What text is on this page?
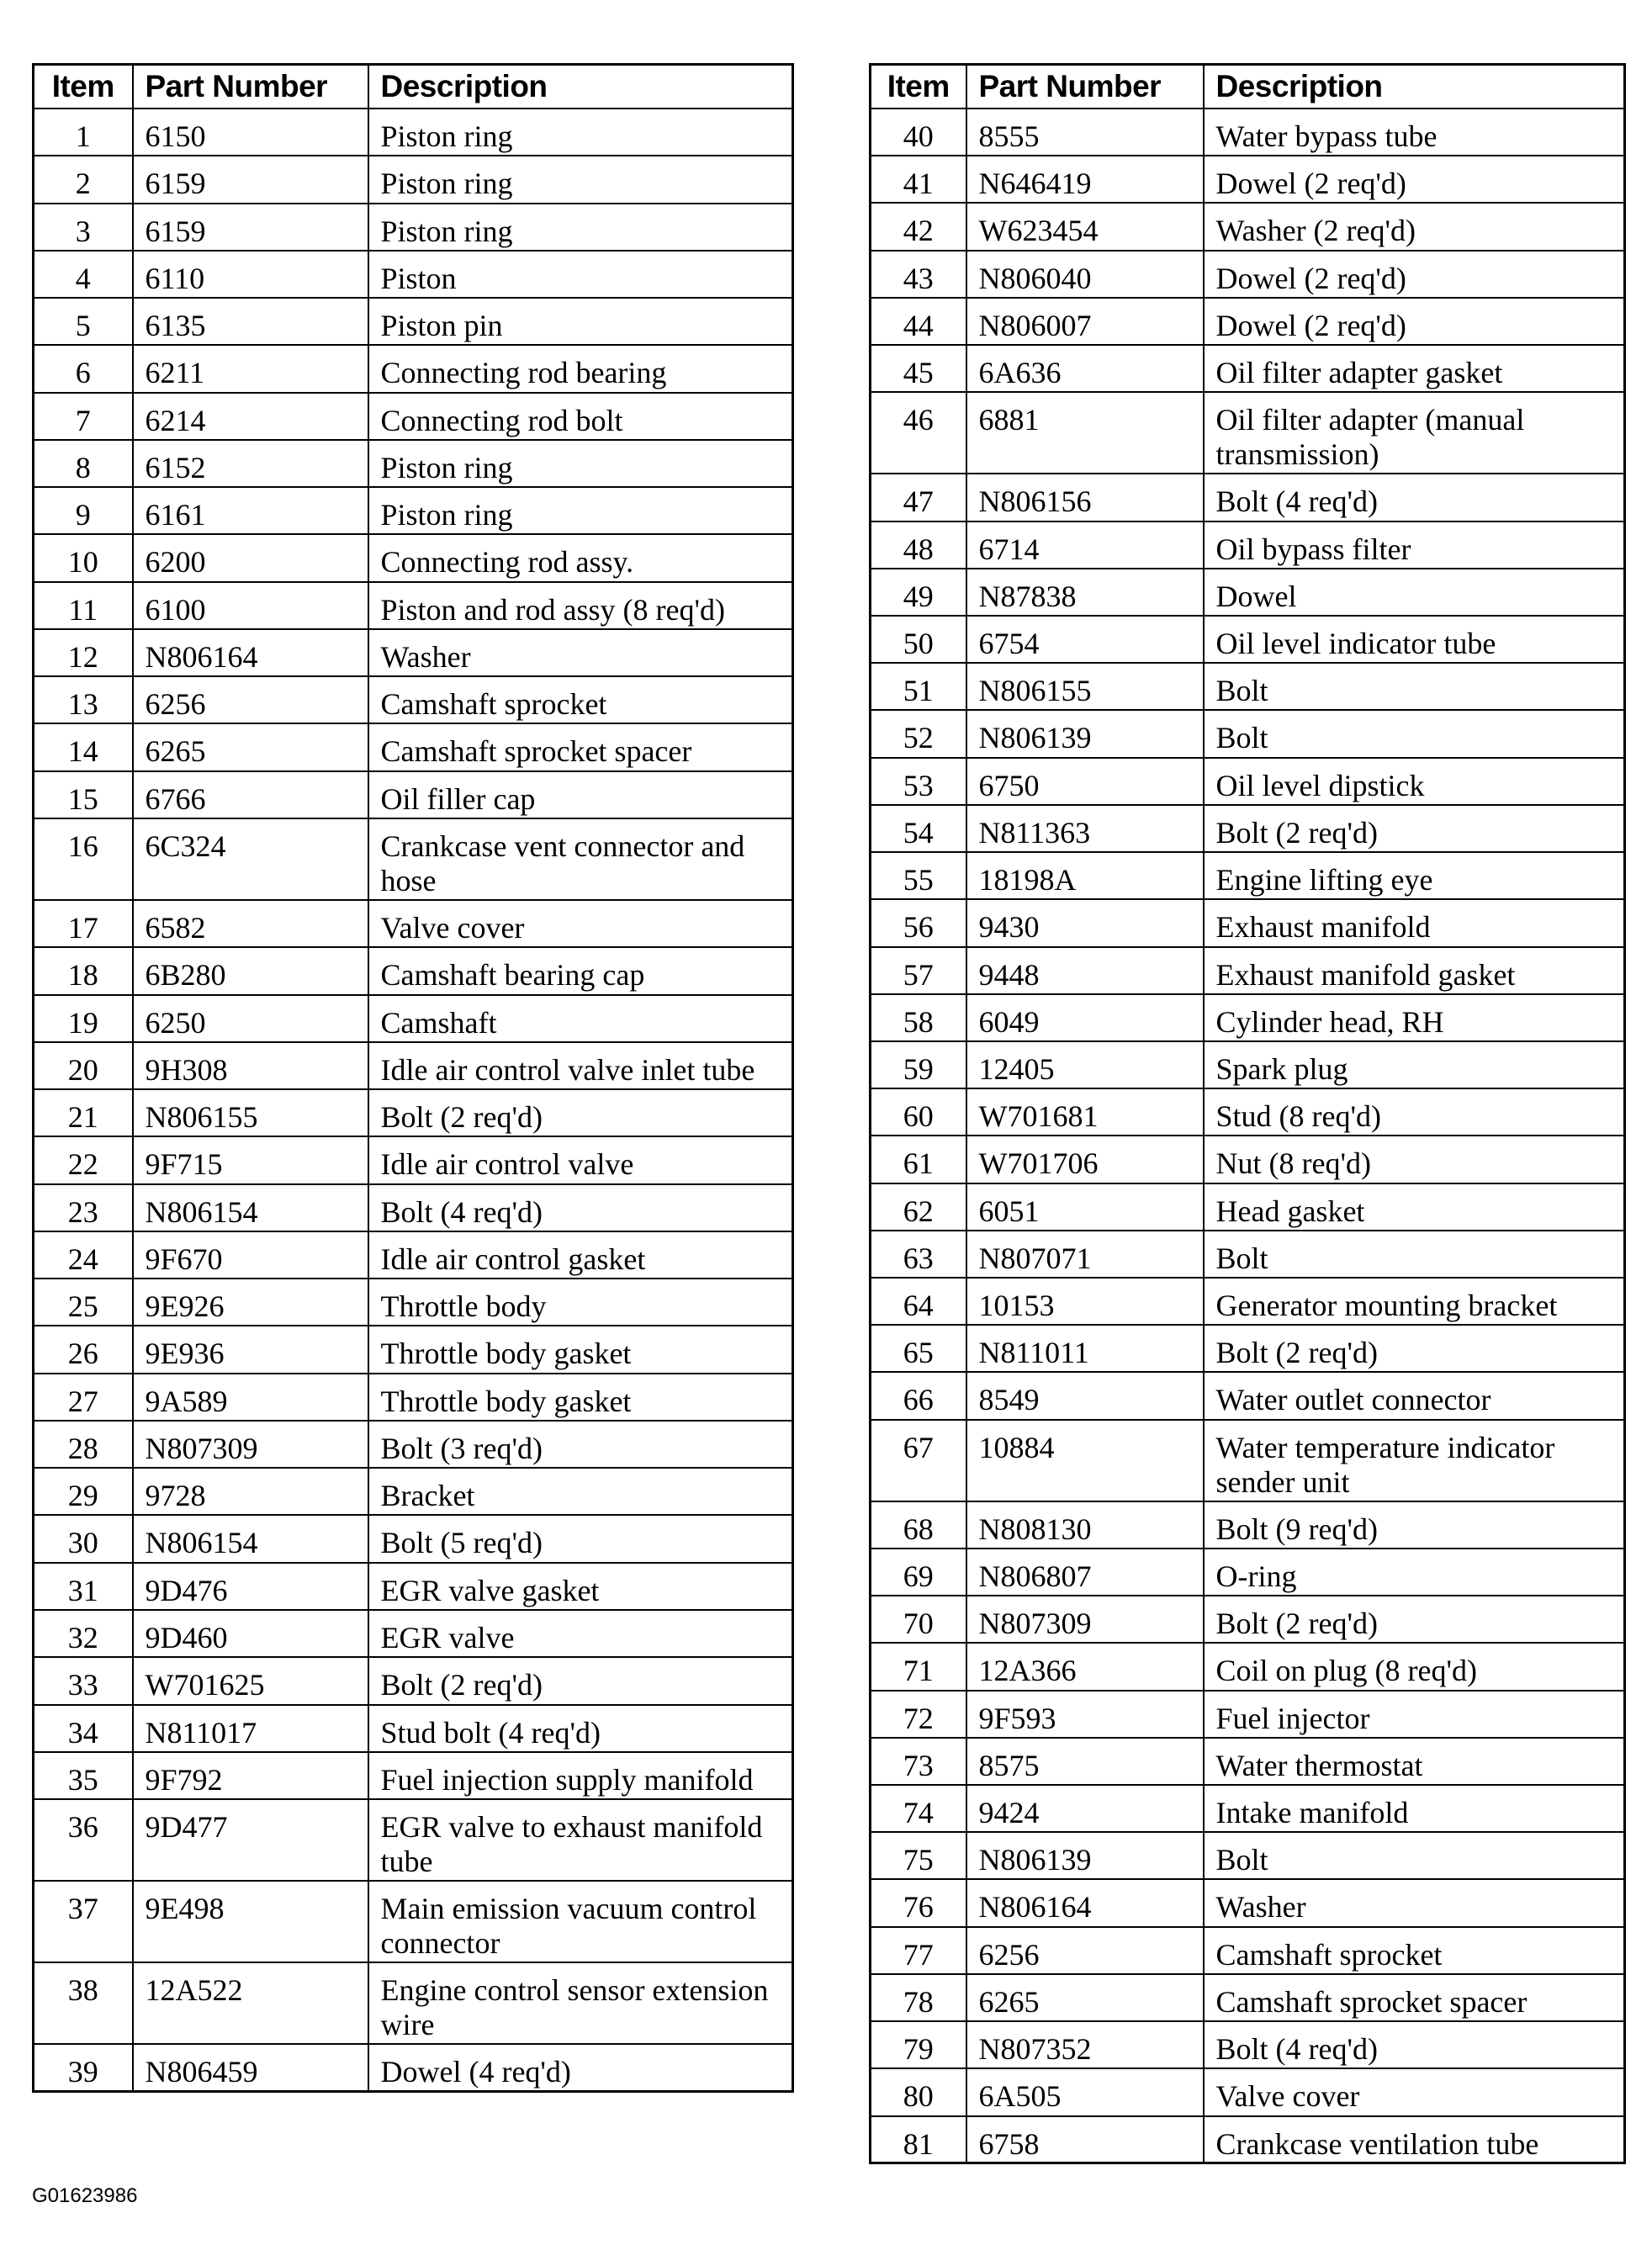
Item	Part Number	Description
1	6150	Piston ring
2	6159	Piston ring
3	6159	Piston ring
4	6110	Piston
5	6135	Piston pin
6	6211	Connecting rod bearing
7	6214	Connecting rod bolt
8	6152	Piston ring
9	6161	Piston ring
10	6200	Connecting rod assy.
11	6100	Piston and rod assy (8 req'd)
12	N806164	Washer
13	6256	Camshaft sprocket
14	6265	Camshaft sprocket spacer
15	6766	Oil filler cap
16	6C324	Crankcase vent connector and hose
17	6582	Valve cover
18	6B280	Camshaft bearing cap
19	6250	Camshaft
20	9H308	Idle air control valve inlet tube
21	N806155	Bolt (2 req'd)
22	9F715	Idle air control valve
23	N806154	Bolt (4 req'd)
24	9F670	Idle air control gasket
25	9E926	Throttle body
26	9E936	Throttle body gasket
27	9A589	Throttle body gasket
28	N807309	Bolt (3 req'd)
29	9728	Bracket
30	N806154	Bolt (5 req'd)
31	9D476	EGR valve gasket
32	9D460	EGR valve
33	W701625	Bolt (2 req'd)
34	N811017	Stud bolt (4 req'd)
35	9F792	Fuel injection supply manifold
36	9D477	EGR valve to exhaust manifold tube
37	9E498	Main emission vacuum control connector
38	12A522	Engine control sensor extension wire
39	N806459	Dowel (4 req'd)
Item	Part Number	Description
40	8555	Water bypass tube
41	N646419	Dowel (2 req'd)
42	W623454	Washer (2 req'd)
43	N806040	Dowel (2 req'd)
44	N806007	Dowel (2 req'd)
45	6A636	Oil filter adapter gasket
46	6881	Oil filter adapter (manual transmission)
47	N806156	Bolt (4 req'd)
48	6714	Oil bypass filter
49	N87838	Dowel
50	6754	Oil level indicator tube
51	N806155	Bolt
52	N806139	Bolt
53	6750	Oil level dipstick
54	N811363	Bolt (2 req'd)
55	18198A	Engine lifting eye
56	9430	Exhaust manifold
57	9448	Exhaust manifold gasket
58	6049	Cylinder head, RH
59	12405	Spark plug
60	W701681	Stud (8 req'd)
61	W701706	Nut (8 req'd)
62	6051	Head gasket
63	N807071	Bolt
64	10153	Generator mounting bracket
65	N811011	Bolt (2 req'd)
66	8549	Water outlet connector
67	10884	Water temperature indicator sender unit
68	N808130	Bolt (9 req'd)
69	N806807	O-ring
70	N807309	Bolt (2 req'd)
71	12A366	Coil on plug (8 req'd)
72	9F593	Fuel injector
73	8575	Water thermostat
74	9424	Intake manifold
75	N806139	Bolt
76	N806164	Washer
77	6256	Camshaft sprocket
78	6265	Camshaft sprocket spacer
79	N807352	Bolt (4 req'd)
80	6A505	Valve cover
81	6758	Crankcase ventilation tube
G01623986
